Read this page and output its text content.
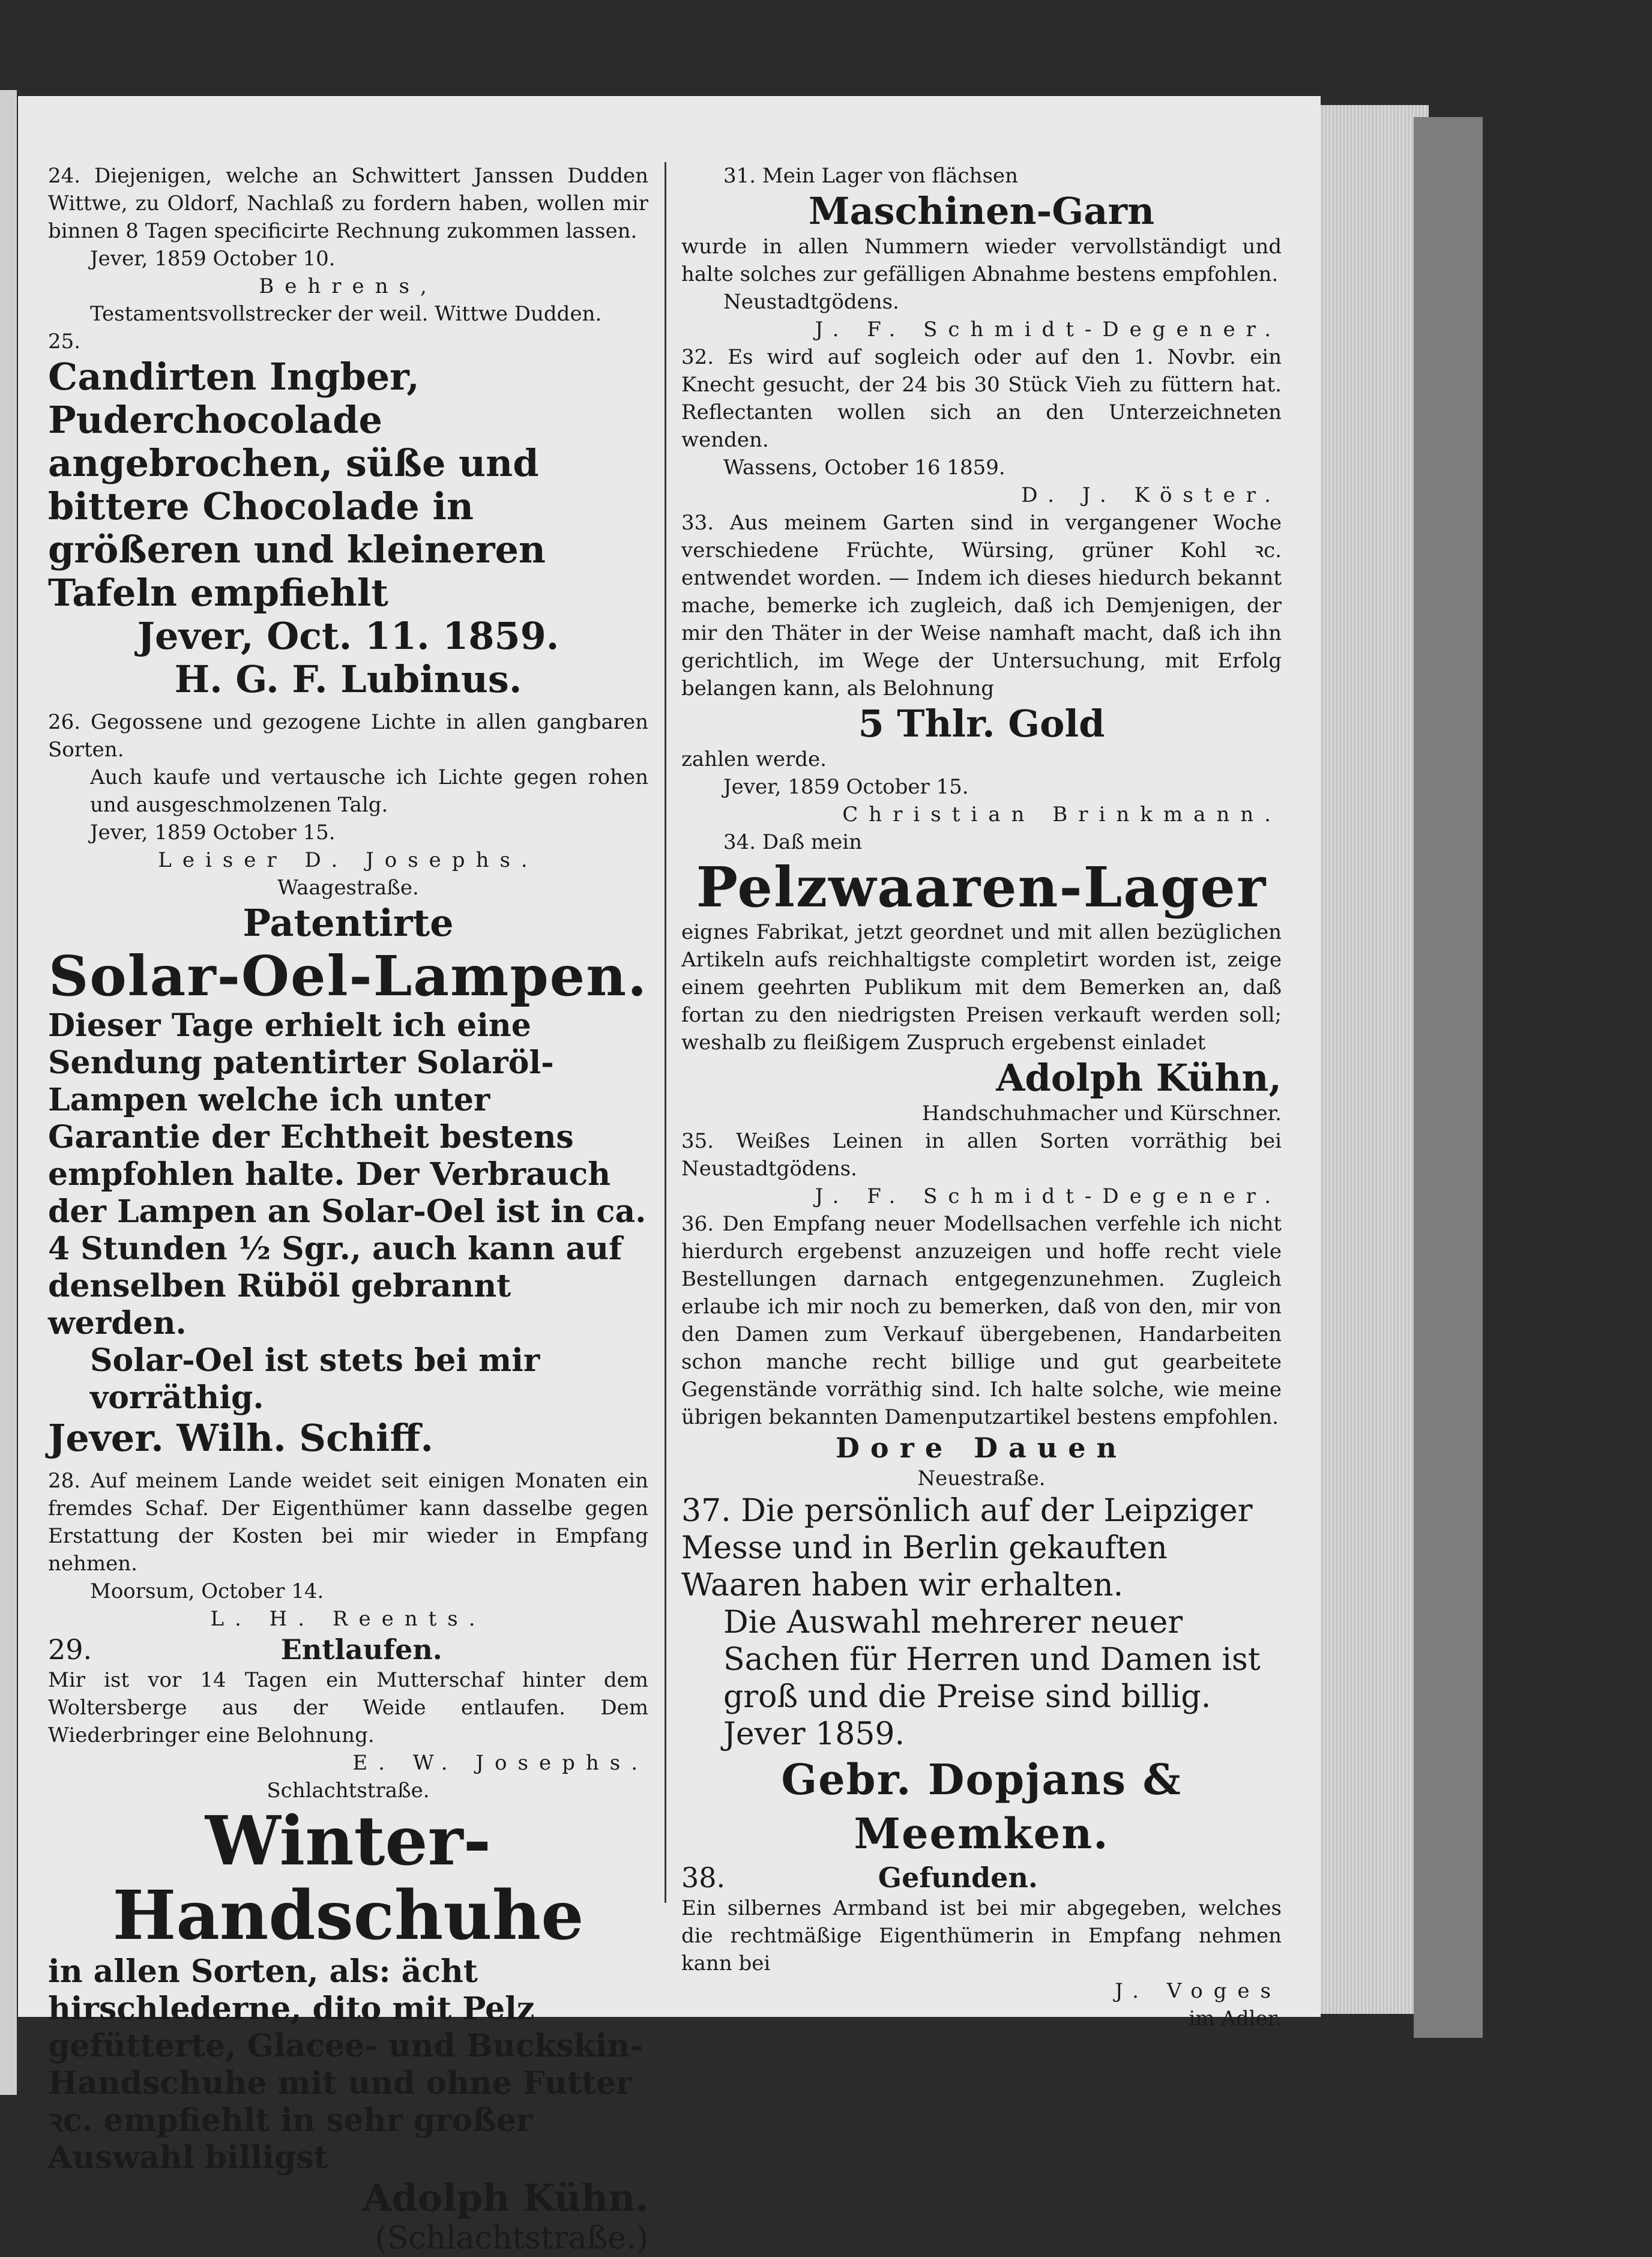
24. Diejenigen, welche an Schwittert Janssen Dudden Wittwe, zu Oldorf, Nachlaß zu fordern haben, wollen mir binnen 8 Tagen specificirte Rechnung zukommen lassen.
Jever, 1859 October 10.
Behrens,
Testamentsvollstrecker der weil. Wittwe Dudden.
25.
Candirten Ingber, Puderchocolade angebrochen, süße und bittere Chocolade in größeren und kleineren Tafeln empfiehlt
Jever, Oct. 11. 1859.
H. G. F. Lubinus.
26. Gegossene und gezogene Lichte in allen gangbaren Sorten.
Auch kaufe und vertausche ich Lichte gegen rohen und ausgeschmolzenen Talg.
Jever, 1859 October 15.
Leiser D. Josephs.
Waagestraße.
Patentirte
Solar-Oel-Lampen.
Dieser Tage erhielt ich eine Sendung patentirter Solaröl-Lampen welche ich unter Garantie der Echtheit bestens empfohlen halte. Der Verbrauch der Lampen an Solar-Oel ist in ca. 4 Stunden ½ Sgr., auch kann auf denselben Rüböl gebrannt werden.
Solar-Oel ist stets bei mir vorräthig.
Jever. Wilh. Schiff.
28. Auf meinem Lande weidet seit einigen Monaten ein fremdes Schaf. Der Eigenthümer kann dasselbe gegen Erstattung der Kosten bei mir wieder in Empfang nehmen.
Moorsum, October 14.
L. H. Reents.
29.	Entlaufen.
Mir ist vor 14 Tagen ein Mutterschaf hinter dem Woltersberge aus der Weide entlaufen. Dem Wiederbringer eine Belohnung.
E. W. Josephs.
Schlachtstraße.
Winter-Handschuhe
in allen Sorten, als: ächt hirschlederne, dito mit Pelz gefütterte, Glacee- und Buckskin-Handschuhe mit und ohne Futter ꝛc. empfiehlt in sehr großer Auswahl billigst
Adolph Kühn.
(Schlachtstraße.)
31. Mein Lager von flächsen
Maschinen-Garn
wurde in allen Nummern wieder vervollständigt und halte solches zur gefälligen Abnahme bestens empfohlen.
Neustadtgödens.
J. F. Schmidt-Degener.
32. Es wird auf sogleich oder auf den 1. Novbr. ein Knecht gesucht, der 24 bis 30 Stück Vieh zu füttern hat. Reflectanten wollen sich an den Unterzeichneten wenden.
Wassens, October 16 1859.
D. J. Köster.
33. Aus meinem Garten sind in vergangener Woche verschiedene Früchte, Würsing, grüner Kohl ꝛc. entwendet worden. — Indem ich dieses hiedurch bekannt mache, bemerke ich zugleich, daß ich Demjenigen, der mir den Thäter in der Weise namhaft macht, daß ich ihn gerichtlich, im Wege der Untersuchung, mit Erfolg belangen kann, als Belohnung
5 Thlr. Gold
zahlen werde.
Jever, 1859 October 15.
Christian Brinkmann.
34. Daß mein
Pelzwaaren-Lager
eignes Fabrikat, jetzt geordnet und mit allen bezüglichen Artikeln aufs reichhaltigste completirt worden ist, zeige einem geehrten Publikum mit dem Bemerken an, daß fortan zu den niedrigsten Preisen verkauft werden soll; weshalb zu fleißigem Zuspruch ergebenst einladet
Adolph Kühn,
Handschuhmacher und Kürschner.
35. Weißes Leinen in allen Sorten vorräthig bei Neustadtgödens.
J. F. Schmidt-Degener.
36. Den Empfang neuer Modellsachen verfehle ich nicht hierdurch ergebenst anzuzeigen und hoffe recht viele Bestellungen darnach entgegenzunehmen. Zugleich erlaube ich mir noch zu bemerken, daß von den, mir von den Damen zum Verkauf übergebenen, Handarbeiten schon manche recht billige und gut gearbeitete Gegenstände vorräthig sind. Ich halte solche, wie meine übrigen bekannten Damenputzartikel bestens empfohlen.
Dore Dauen
Neuestraße.
37. Die persönlich auf der Leipziger Messe und in Berlin gekauften Waaren haben wir erhalten.
Die Auswahl mehrerer neuer Sachen für Herren und Damen ist groß und die Preise sind billig.
Jever 1859.
Gebr. Dopjans & Meemken.
38.	Gefunden.
Ein silbernes Armband ist bei mir abgegeben, welches die rechtmäßige Eigenthümerin in Empfang nehmen kann bei
J. Voges
im Adler.
